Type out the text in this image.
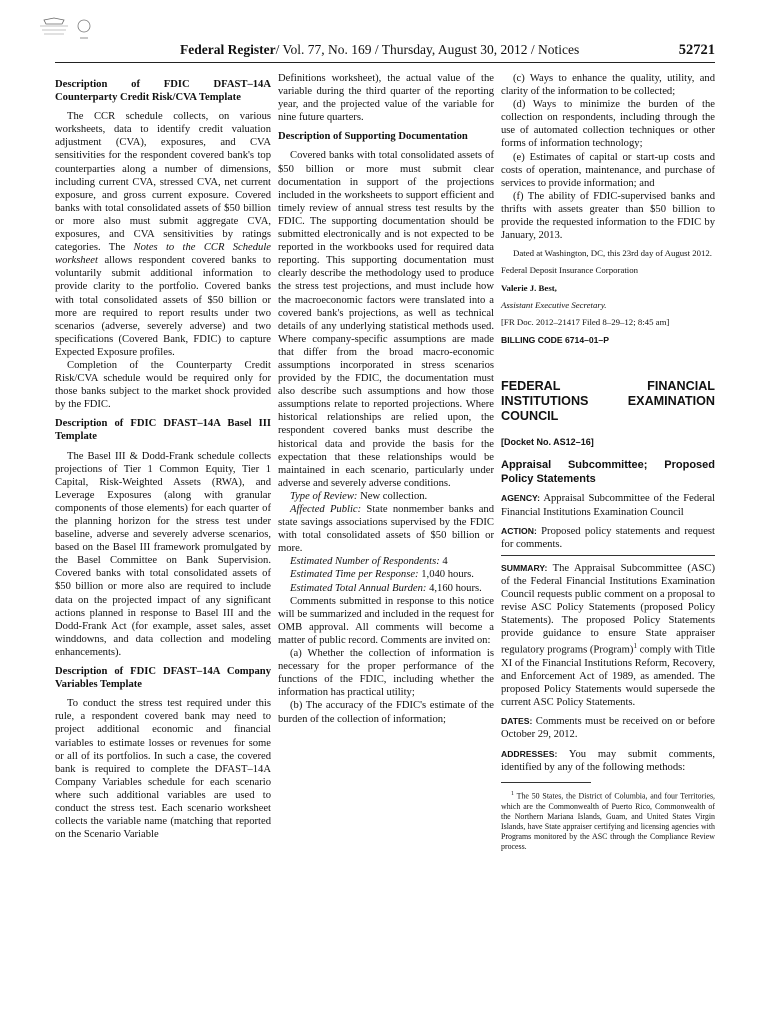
Federal Register/ Vol. 77, No. 169 / Thursday, August 30, 2012 / Notices	52721

Description of FDIC DFAST–14A Counterparty Credit Risk/CVA Template

The CCR schedule collects, on various worksheets, data to identify credit valuation adjustment (CVA), exposures, and CVA sensitivities for the respondent covered bank's top counterparties along a number of dimensions, including current CVA, stressed CVA, net current exposure, and gross current exposure. Covered banks with total consolidated assets of $50 billion or more also must submit aggregate CVA, exposures, and CVA sensitivities by ratings categories. The Notes to the CCR Schedule worksheet allows respondent covered banks to voluntarily submit additional information to provide clarity to the portfolio. Covered banks with total consolidated assets of $50 billion or more are required to report results under two scenarios (adverse, severely adverse) and two specifications (Covered Bank, FDIC) to capture Expected Exposure profiles.

Completion of the Counterparty Credit Risk/CVA schedule would be required only for those banks subject to the market shock provided by the FDIC.

Description of FDIC DFAST–14A Basel III Template

The Basel III & Dodd-Frank schedule collects projections of Tier 1 Common Equity, Tier 1 Capital, Risk-Weighted Assets (RWA), and Leverage Exposures (along with granular components of those elements) for each quarter of the planning horizon for the stress test under baseline, adverse and severely adverse scenarios, based on the Basel III framework promulgated by the Basel Committee on Bank Supervision. Covered banks with total consolidated assets of $50 billion or more also are required to include data on the projected impact of any significant actions planned in response to Basel III and the Dodd-Frank Act (for example, asset sales, asset winddowns, and data collection and modeling enhancements).

Description of FDIC DFAST–14A Company Variables Template

To conduct the stress test required under this rule, a respondent covered bank may need to project additional economic and financial variables to estimate losses or revenues for some or all of its portfolios. In such a case, the covered bank is required to complete the DFAST–14A Company Variables schedule for each scenario where such additional variables are used to conduct the stress test. Each scenario worksheet collects the variable name (matching that reported on the Scenario Variable

Definitions worksheet), the actual value of the variable during the third quarter of the reporting year, and the projected value of the variable for nine future quarters.

Description of Supporting Documentation

Covered banks with total consolidated assets of $50 billion or more must submit clear documentation in support of the projections included in the worksheets to support efficient and timely review of annual stress test results by the FDIC. The supporting documentation should be submitted electronically and is not expected to be reported in the workbooks used for required data reporting. This supporting documentation must clearly describe the methodology used to produce the stress test projections, and must include how the macroeconomic factors were translated into a covered bank's projections, as well as technical details of any underlying statistical methods used. Where company-specific assumptions are made that differ from the broad macro-economic assumptions incorporated in stress scenarios provided by the FDIC, the documentation must also describe such assumptions and how those assumptions relate to reported projections. Where historical relationships are relied upon, the respondent covered banks must describe the historical data and provide the basis for the expectation that these relationships would be maintained in each scenario, particularly under adverse and severely adverse conditions.

Type of Review: New collection.

Affected Public: State nonmember banks and state savings associations supervised by the FDIC with total consolidated assets of $50 billion or more.

Estimated Number of Respondents: 4

Estimated Time per Response: 1,040 hours.

Estimated Total Annual Burden: 4,160 hours.

Comments submitted in response to this notice will be summarized and included in the request for OMB approval. All comments will become a matter of public record. Comments are invited on:

(a) Whether the collection of information is necessary for the proper performance of the functions of the FDIC, including whether the information has practical utility;

(b) The accuracy of the FDIC's estimate of the burden of the collection of information;

(c) Ways to enhance the quality, utility, and clarity of the information to be collected;

(d) Ways to minimize the burden of the collection on respondents, including through the use of automated collection techniques or other forms of information technology;

(e) Estimates of capital or start-up costs and costs of operation, maintenance, and purchase of services to provide information; and

(f) The ability of FDIC-supervised banks and thrifts with assets greater than $50 billion to provide the requested information to the FDIC by January, 2013.

Dated at Washington, DC, this 23rd day of August 2012.

Federal Deposit Insurance Corporation

Valerie J. Best,

Assistant Executive Secretary.

[FR Doc. 2012–21417 Filed 8–29–12; 8:45 am]

BILLING CODE 6714–01–P

FEDERAL FINANCIAL INSTITUTIONS EXAMINATION COUNCIL

[Docket No. AS12–16]

Appraisal Subcommittee; Proposed Policy Statements

AGENCY: Appraisal Subcommittee of the Federal Financial Institutions Examination Council

ACTION: Proposed policy statements and request for comments.

SUMMARY: The Appraisal Subcommittee (ASC) of the Federal Financial Institutions Examination Council requests public comment on a proposal to revise ASC Policy Statements (proposed Policy Statements). The proposed Policy Statements provide guidance to ensure State appraiser regulatory programs (Program)$^1$ comply with Title XI of the Financial Institutions Reform, Recovery, and Enforcement Act of 1989, as amended. The proposed Policy Statements would supersede the current ASC Policy Statements.

DATES: Comments must be received on or before October 29, 2012.

ADDRESSES: You may submit comments, identified by any of the following methods:

$^1$ The 50 States, the District of Columbia, and four Territories, which are the Commonwealth of Puerto Rico, Commonwealth of the Northern Mariana Islands, Guam, and United States Virgin Islands, have State appraiser certifying and licensing agencies with Programs monitored by the ASC through the Compliance Review process.
